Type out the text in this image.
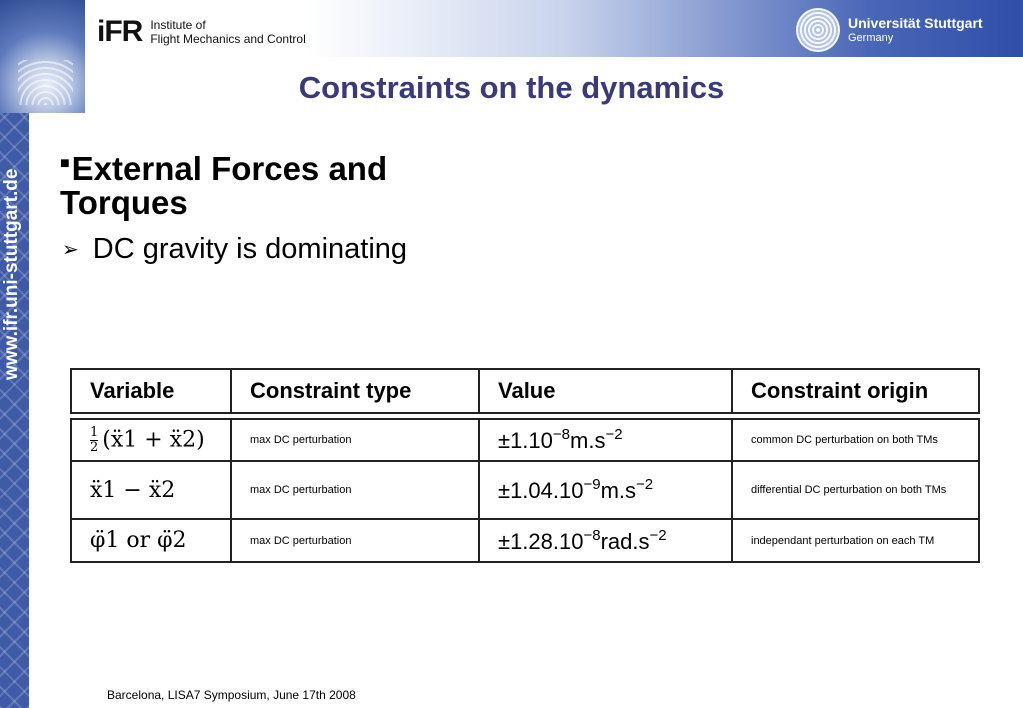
iFR Institute of
Flight Mechanics and Control
Universität Stuttgart
Germany
www.ifr.uni-stuttgart.de
Constraints on the dynamics
■External Forces and Torques
➢ DC gravity is dominating
Variable	Constraint type	Value	Constraint origin

$\frac{1}{2}$ (ẍ1 + ẍ2)	max DC perturbation	$\pm 1.10^{-8}m.s^{-2}$	common DC perturbation on both TMs
ẍ1 − ẍ2	max DC perturbation	$\pm 1.04.10^{-9}m.s^{-2}$	differential DC perturbation on both TMs
φ̈1 or φ̈2	max DC perturbation	$\pm 1.28.10^{-8}rad.s^{-2}$	independant perturbation on each TM
Barcelona, LISA7 Symposium, June 17th 2008
